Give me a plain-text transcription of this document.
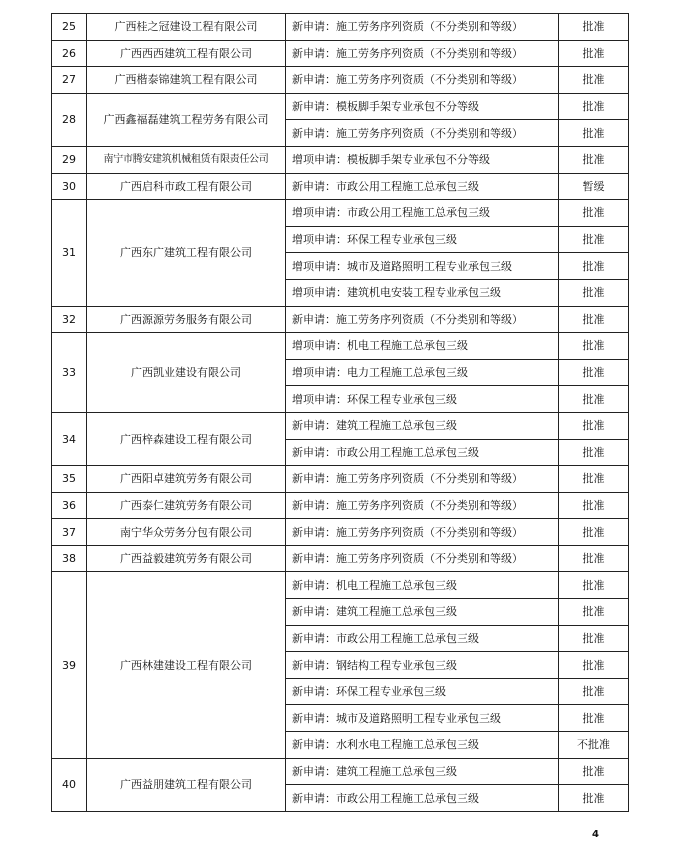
25	广西桂之冠建设工程有限公司	新申请：施工劳务序列资质（不分类别和等级）	批准
26	广西西西建筑工程有限公司	新申请：施工劳务序列资质（不分类别和等级）	批准
27	广西楷泰锦建筑工程有限公司	新申请：施工劳务序列资质（不分类别和等级）	批准
28	广西鑫福磊建筑工程劳务有限公司	新申请：模板脚手架专业承包不分等级	批准
		新申请：施工劳务序列资质（不分类别和等级）	批准
29	南宁市腾安建筑机械租赁有限责任公司	增项申请：模板脚手架专业承包不分等级	批准
30	广西启科市政工程有限公司	新申请：市政公用工程施工总承包三级	暂缓
31	广西东广建筑工程有限公司	增项申请：市政公用工程施工总承包三级	批准
		增项申请：环保工程专业承包三级	批准
		增项申请：城市及道路照明工程专业承包三级	批准
		增项申请：建筑机电安装工程专业承包三级	批准
32	广西源源劳务服务有限公司	新申请：施工劳务序列资质（不分类别和等级）	批准
33	广西凯业建设有限公司	增项申请：机电工程施工总承包三级	批准
		增项申请：电力工程施工总承包三级	批准
		增项申请：环保工程专业承包三级	批准
34	广西梓森建设工程有限公司	新申请：建筑工程施工总承包三级	批准
		新申请：市政公用工程施工总承包三级	批准
35	广西阳卓建筑劳务有限公司	新申请：施工劳务序列资质（不分类别和等级）	批准
36	广西泰仁建筑劳务有限公司	新申请：施工劳务序列资质（不分类别和等级）	批准
37	南宁华众劳务分包有限公司	新申请：施工劳务序列资质（不分类别和等级）	批准
38	广西益毅建筑劳务有限公司	新申请：施工劳务序列资质（不分类别和等级）	批准
39	广西林建建设工程有限公司	新申请：机电工程施工总承包三级	批准
		新申请：建筑工程施工总承包三级	批准
		新申请：市政公用工程施工总承包三级	批准
		新申请：钢结构工程专业承包三级	批准
		新申请：环保工程专业承包三级	批准
		新申请：城市及道路照明工程专业承包三级	批准
		新申请：水利水电工程施工总承包三级	不批准
40	广西益朋建筑工程有限公司	新申请：建筑工程施工总承包三级	批准
		新申请：市政公用工程施工总承包三级	批准
4
